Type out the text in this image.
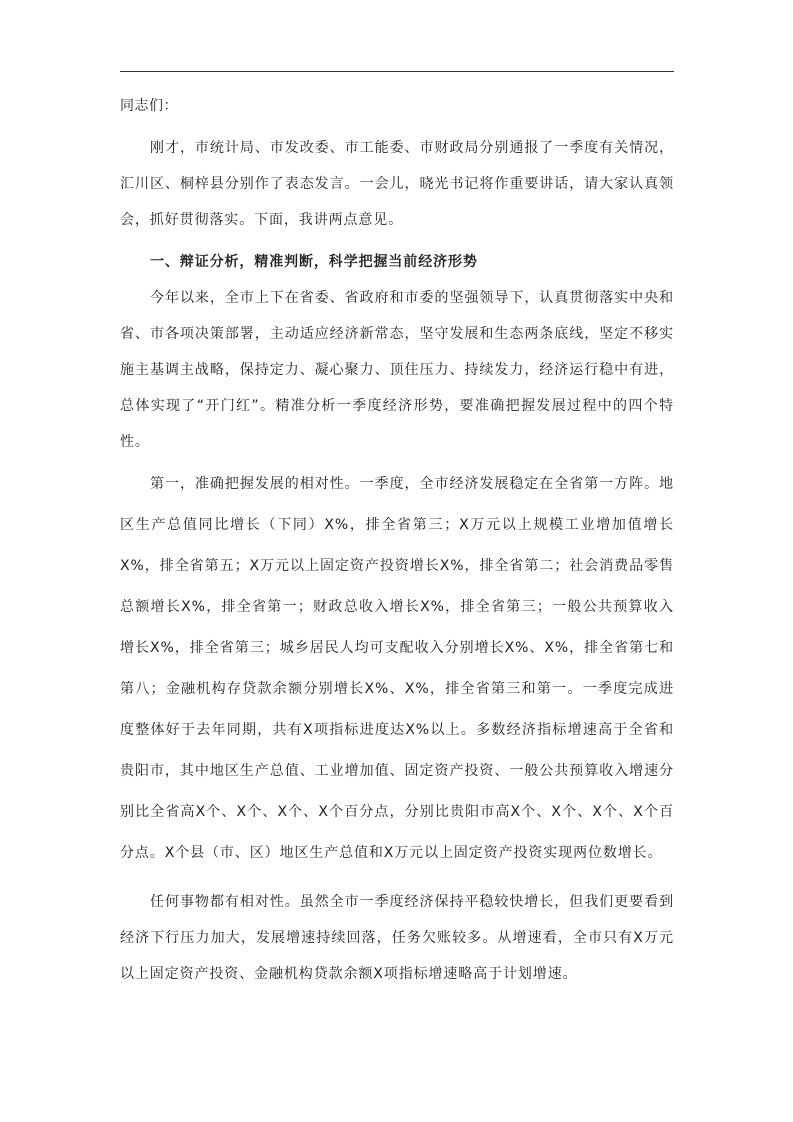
同志们：

刚才，市统计局、市发改委、市工能委、市财政局分别通报了一季度有关情况，汇川区、桐梓县分别作了表态发言。一会儿，晓光书记将作重要讲话，请大家认真领会，抓好贯彻落实。下面，我讲两点意见。

一、辩证分析，精准判断，科学把握当前经济形势

今年以来，全市上下在省委、省政府和市委的坚强领导下，认真贯彻落实中央和省、市各项决策部署，主动适应经济新常态，坚守发展和生态两条底线，坚定不移实施主基调主战略，保持定力、凝心聚力、顶住压力、持续发力，经济运行稳中有进，总体实现了“开门红”。精准分析一季度经济形势，要准确把握发展过程中的四个特性。

第一，准确把握发展的相对性。一季度，全市经济发展稳定在全省第一方阵。地区生产总值同比增长（下同）X%，排全省第三；X万元以上规模工业增加值增长X%，排全省第五；X万元以上固定资产投资增长X%，排全省第二；社会消费品零售总额增长X%，排全省第一；财政总收入增长X%，排全省第三；一般公共预算收入增长X%，排全省第三；城乡居民人均可支配收入分别增长X%、X%，排全省第七和第八；金融机构存贷款余额分别增长X%、X%，排全省第三和第一。一季度完成进度整体好于去年同期，共有X项指标进度达X%以上。多数经济指标增速高于全省和贵阳市，其中地区生产总值、工业增加值、固定资产投资、一般公共预算收入增速分别比全省高X个、X个、X个、X个百分点，分别比贵阳市高X个、X个、X个、X个百分点。X个县（市、区）地区生产总值和X万元以上固定资产投资实现两位数增长。

任何事物都有相对性。虽然全市一季度经济保持平稳较快增长，但我们更要看到经济下行压力加大，发展增速持续回落，任务欠账较多。从增速看，全市只有X万元以上固定资产投资、金融机构贷款余额X项指标增速略高于计划增速。
